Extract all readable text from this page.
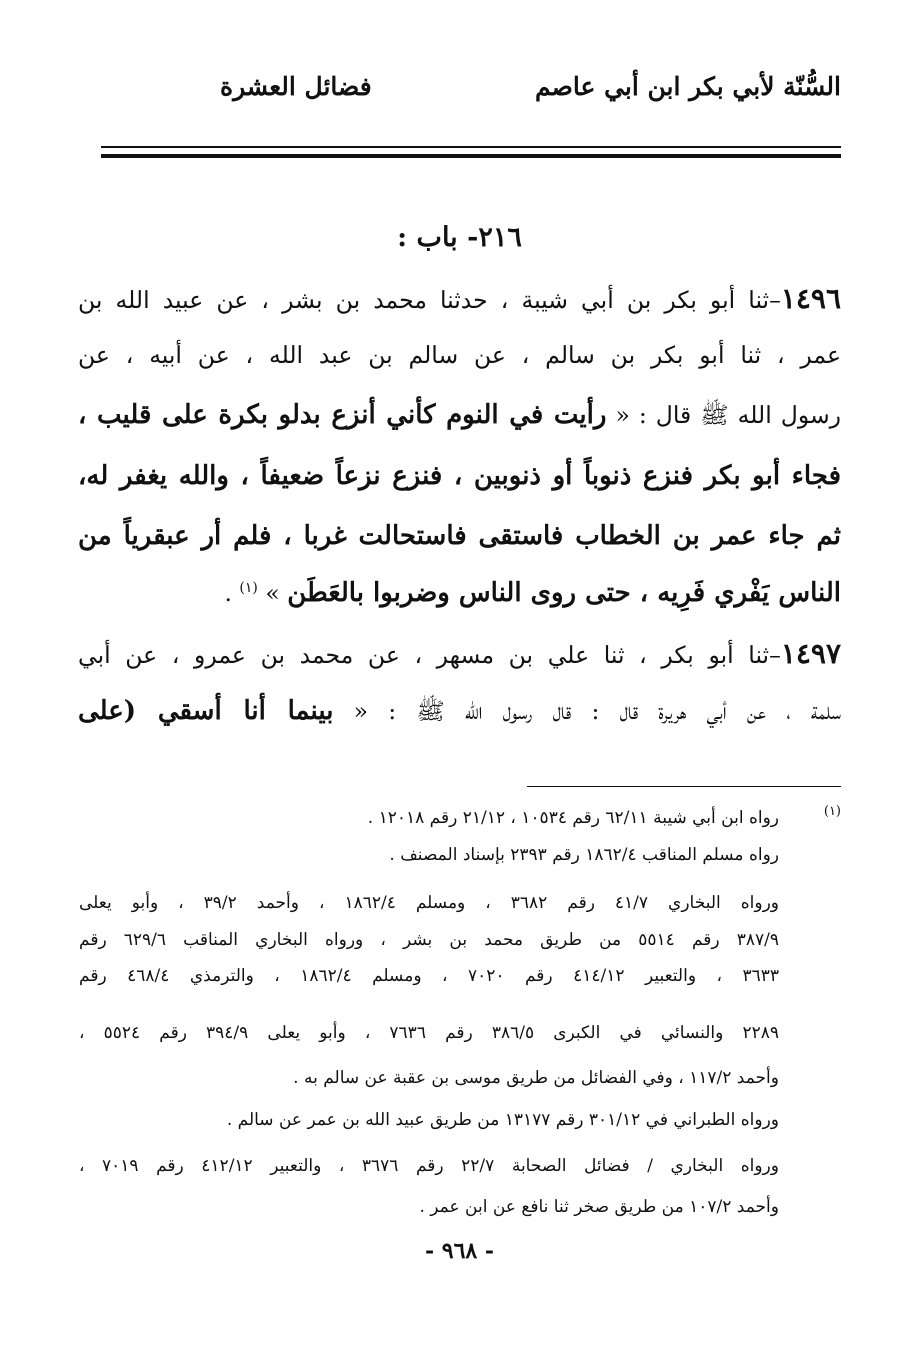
السُّنّة لأبي بكر ابن أبي عاصم
فضائل العشرة
٢١٦- باب :
١٤٩٦–ثنا أبو بكر بن أبي شيبة ، حدثنا محمد بن بشر ، عن عبيد الله بن
عمر ، ثنا أبو بكر بن سالم ، عن سالم بن عبد الله ، عن أبيه ، عن
رسول الله ﷺ قال : « رأيت في النوم كأني أنزع بدلو بكرة على قليب ،
فجاء أبو بكر فنزع ذنوباً أو ذنوبين ، فنزع نزعاً ضعيفاً ، والله يغفر له،
ثم جاء عمر بن الخطاب فاستقى فاستحالت غربا ، فلم أر عبقرياً من
الناس يَفْري فَرِيه ، حتى روى الناس وضربوا بالعَطَن » $^{(١)}$ .
١٤٩٧–ثنا أبو بكر ، ثنا علي بن مسهر ، عن محمد بن عمرو ، عن أبي
سلمة ، عن أبي هريرة قال : قال رسول الله ﷺ : « بينما أنا أسقي (على
(١)
رواه ابن أبي شيبة ٦٢/١١ رقم ١٠٥٣٤ ، ٢١/١٢ رقم ١٢٠١٨ .
رواه مسلم المناقب ١٨٦٢/٤ رقم ٢٣٩٣ بإسناد المصنف .
ورواه البخاري ٤١/٧ رقم ٣٦٨٢ ، ومسلم ١٨٦٢/٤ ، وأحمد ٣٩/٢ ، وأبو يعلى
٣٨٧/٩ رقم ٥٥١٤ من طريق محمد بن بشر ، ورواه البخاري المناقب ٦٢٩/٦ رقم
٣٦٣٣ ، والتعبير ٤١٤/١٢ رقم ٧٠٢٠ ، ومسلم ١٨٦٢/٤ ، والترمذي ٤٦٨/٤ رقم
٢٢٨٩ والنسائي في الكبرى ٣٨٦/٥ رقم ٧٦٣٦ ، وأبو يعلى ٣٩٤/٩ رقم ٥٥٢٤ ،
وأحمد ١١٧/٢ ، وفي الفضائل من طريق موسى بن عقبة عن سالم به .
ورواه الطبراني في ٣٠١/١٢ رقم ١٣١٧٧ من طريق عبيد الله بن عمر عن سالم .
ورواه البخاري / فضائل الصحابة ٢٢/٧ رقم ٣٦٧٦ ، والتعبير ٤١٢/١٢ رقم ٧٠١٩ ،
وأحمد ١٠٧/٢ من طريق صخر ثنا نافع عن ابن عمر .
- ٩٦٨ -
